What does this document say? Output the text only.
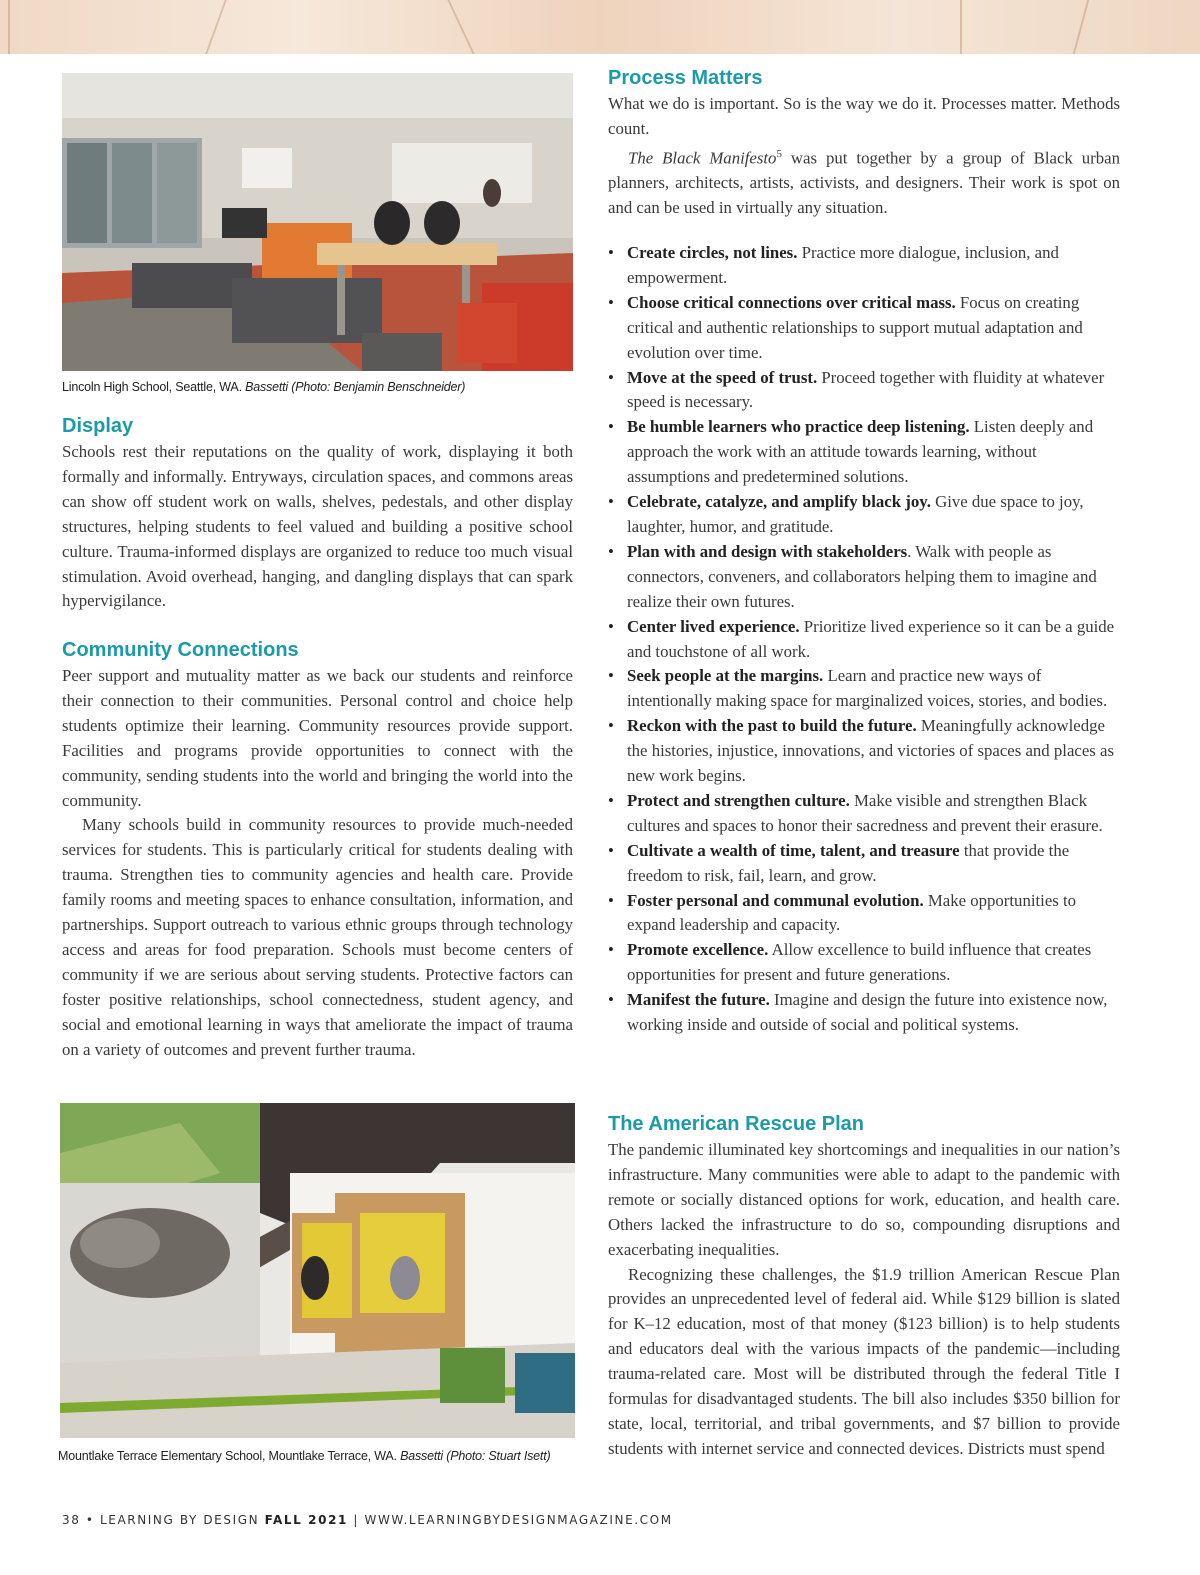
Lincoln High School, Seattle, WA. Bassetti (Photo: Benjamin Benschneider)
Display

Schools rest their reputations on the quality of work, displaying it both formally and informally. Entryways, circulation spaces, and commons areas can show off student work on walls, shelves, pedestals, and other display structures, helping students to feel valued and building a positive school culture. Trauma-informed displays are organized to reduce too much visual stimulation. Avoid overhead, hanging, and dangling displays that can spark hypervigilance.

Community Connections

Peer support and mutuality matter as we back our students and reinforce their connection to their communities. Personal control and choice help students optimize their learning. Community resources provide support. Facilities and programs provide opportunities to connect with the community, sending students into the world and bringing the world into the community.

Many schools build in community resources to provide much-needed services for students. This is particularly critical for students dealing with trauma. Strengthen ties to community agencies and health care. Provide family rooms and meeting spaces to enhance consultation, information, and partnerships. Support outreach to various ethnic groups through technology access and areas for food preparation. Schools must become centers of community if we are serious about serving students. Protective factors can foster positive relationships, school connectedness, student agency, and social and emotional learning in ways that ameliorate the impact of trauma on a variety of outcomes and prevent further trauma.

Mountlake Terrace Elementary School, Mountlake Terrace, WA. Bassetti (Photo: Stuart Isett)
Process Matters

What we do is important. So is the way we do it. Processes matter. Methods count.

The Black Manifesto$^5$ was put together by a group of Black urban planners, architects, artists, activists, and designers. Their work is spot on and can be used in virtually any situation.

• Create circles, not lines. Practice more dialogue, inclusion, and empowerment.
• Choose critical connections over critical mass. Focus on creating critical and authentic relationships to support mutual adaptation and evolution over time.
• Move at the speed of trust. Proceed together with fluidity at whatever speed is necessary.
• Be humble learners who practice deep listening. Listen deeply and approach the work with an attitude towards learning, without assumptions and predetermined solutions.
• Celebrate, catalyze, and amplify black joy. Give due space to joy, laughter, humor, and gratitude.
• Plan with and design with stakeholders. Walk with people as connectors, conveners, and collaborators helping them to imagine and realize their own futures.
• Center lived experience. Prioritize lived experience so it can be a guide and touchstone of all work.
• Seek people at the margins. Learn and practice new ways of intentionally making space for marginalized voices, stories, and bodies.
• Reckon with the past to build the future. Meaningfully acknowledge the histories, injustice, innovations, and victories of spaces and places as new work begins.
• Protect and strengthen culture. Make visible and strengthen Black cultures and spaces to honor their sacredness and prevent their erasure.
• Cultivate a wealth of time, talent, and treasure that provide the freedom to risk, fail, learn, and grow.
• Foster personal and communal evolution. Make opportunities to expand leadership and capacity.
• Promote excellence. Allow excellence to build influence that creates opportunities for present and future generations.
• Manifest the future. Imagine and design the future into existence now, working inside and outside of social and political systems.
The American Rescue Plan

The pandemic illuminated key shortcomings and inequalities in our nation’s infrastructure. Many communities were able to adapt to the pandemic with remote or socially distanced options for work, education, and health care. Others lacked the infrastructure to do so, compounding disruptions and exacerbating inequalities.

Recognizing these challenges, the $1.9 trillion American Rescue Plan provides an unprecedented level of federal aid. While $129 billion is slated for K–12 education, most of that money ($123 billion) is to help students and educators deal with the various impacts of the pandemic—including trauma-related care. Most will be distributed through the federal Title I formulas for disadvantaged students. The bill also includes $350 billion for state, local, territorial, and tribal governments, and $7 billion to provide students with internet service and connected devices. Districts must spend

38 • LEARNING BY DESIGN FALL 2021 | WWW.LEARNINGBYDESIGNMAGAZINE.COM
